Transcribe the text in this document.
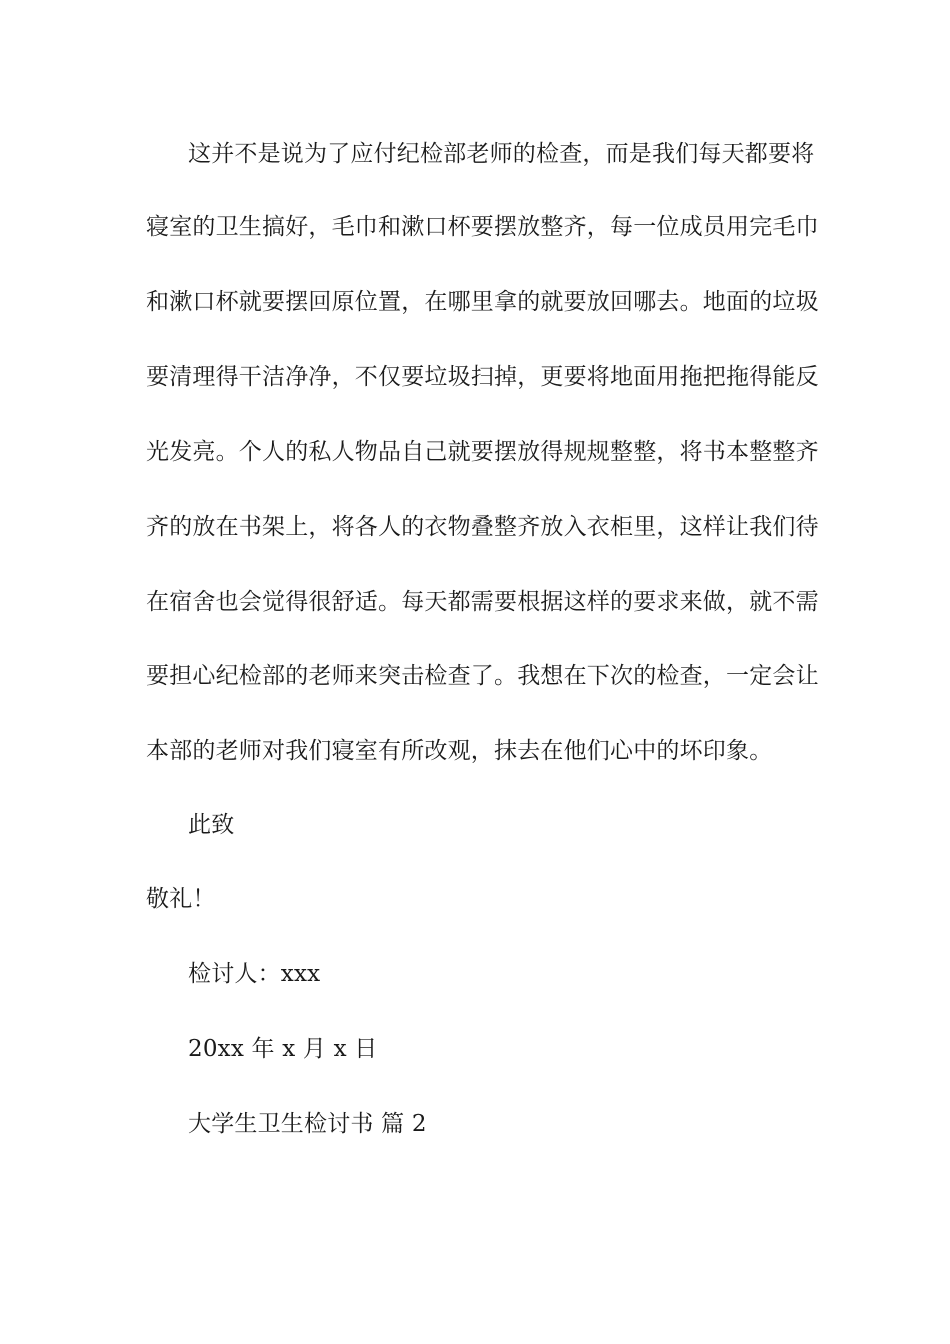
这并不是说为了应付纪检部老师的检查，而是我们每天都要将
寝室的卫生搞好，毛巾和漱口杯要摆放整齐，每一位成员用完毛巾
和漱口杯就要摆回原位置，在哪里拿的就要放回哪去。地面的垃圾
要清理得干洁净净，不仅要垃圾扫掉，更要将地面用拖把拖得能反
光发亮。个人的私人物品自己就要摆放得规规整整，将书本整整齐
齐的放在书架上，将各人的衣物叠整齐放入衣柜里，这样让我们待
在宿舍也会觉得很舒适。每天都需要根据这样的要求来做，就不需
要担心纪检部的老师来突击检查了。我想在下次的检查，一定会让
本部的老师对我们寝室有所改观，抹去在他们心中的坏印象。
此致
敬礼！
检讨人：xxx
20xx 年 x 月 x 日
大学生卫生检讨书 篇 2
